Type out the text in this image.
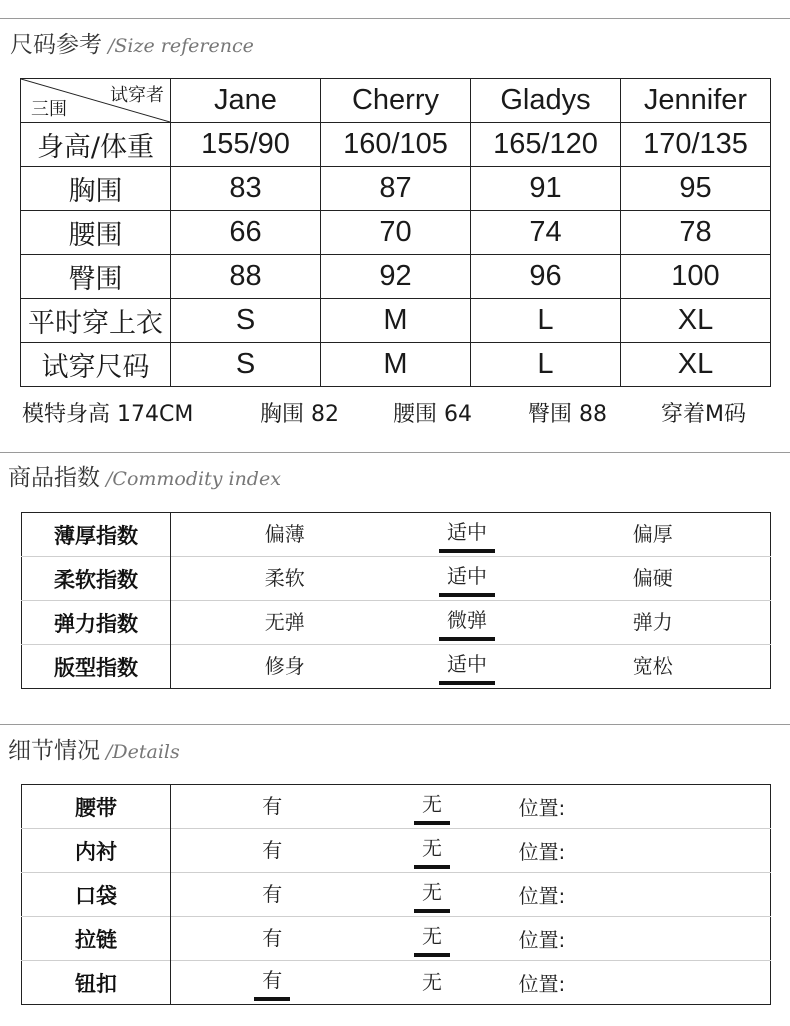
尺码参考 /Size reference
试穿者
三围	Jane	Cherry	Gladys	Jennifer
身高/体重	155/90	160/105	165/120	170/135
胸围	83	87	91	95
腰围	66	70	74	78
臀围	88	92	96	100
平时穿上衣	S	M	L	XL
试穿尺码	S	M	L	XL
模特身高 174CM	胸围 82 腰围 64	臀围 88 穿着M码
商品指数 /Commodity index
薄厚指数	偏薄	适中	偏厚
柔软指数	柔软	适中	偏硬
弹力指数	无弹	微弹	弹力
版型指数	修身	适中	宽松
细节情况 /Details
腰带	有	无	位置:
内衬	有	无	位置:
口袋	有	无	位置:
拉链	有	无	位置:
钮扣	有	无	位置:
